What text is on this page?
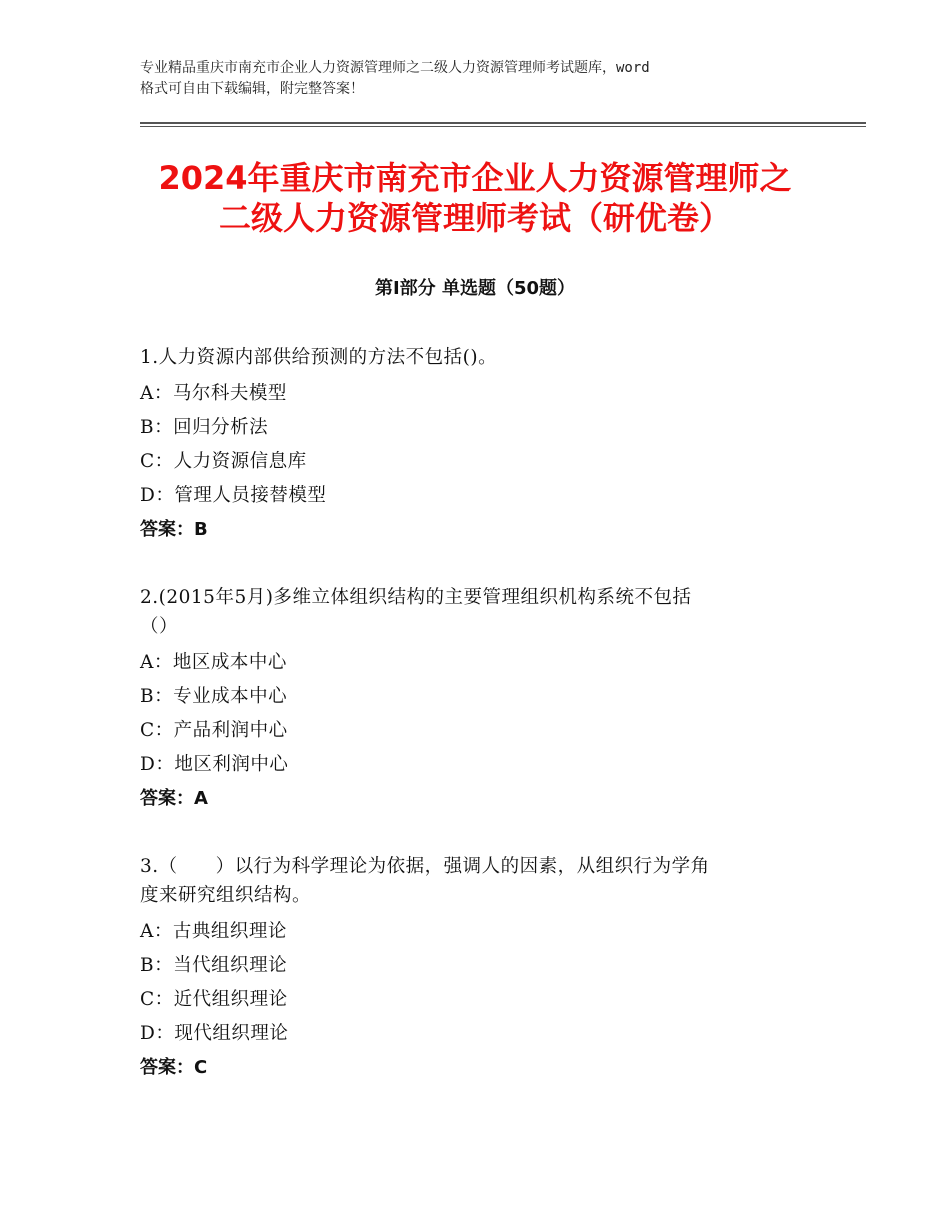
专业精品重庆市南充市企业人力资源管理师之二级人力资源管理师考试题库，word
格式可自由下载编辑，附完整答案！
2024年重庆市南充市企业人力资源管理师之
二级人力资源管理师考试（研优卷）
第Ⅰ部分 单选题（50题）
1.人力资源内部供给预测的方法不包括()。
A：马尔科夫模型
B：回归分析法
C：人力资源信息库
D：管理人员接替模型
答案：B
2.(2015年5月)多维立体组织结构的主要管理组织机构系统不包括
（）
A：地区成本中心
B：专业成本中心
C：产品利润中心
D：地区利润中心
答案：A
3.（　　）以行为科学理论为依据，强调人的因素，从组织行为学角
度来研究组织结构。
A：古典组织理论
B：当代组织理论
C：近代组织理论
D：现代组织理论
答案：C
